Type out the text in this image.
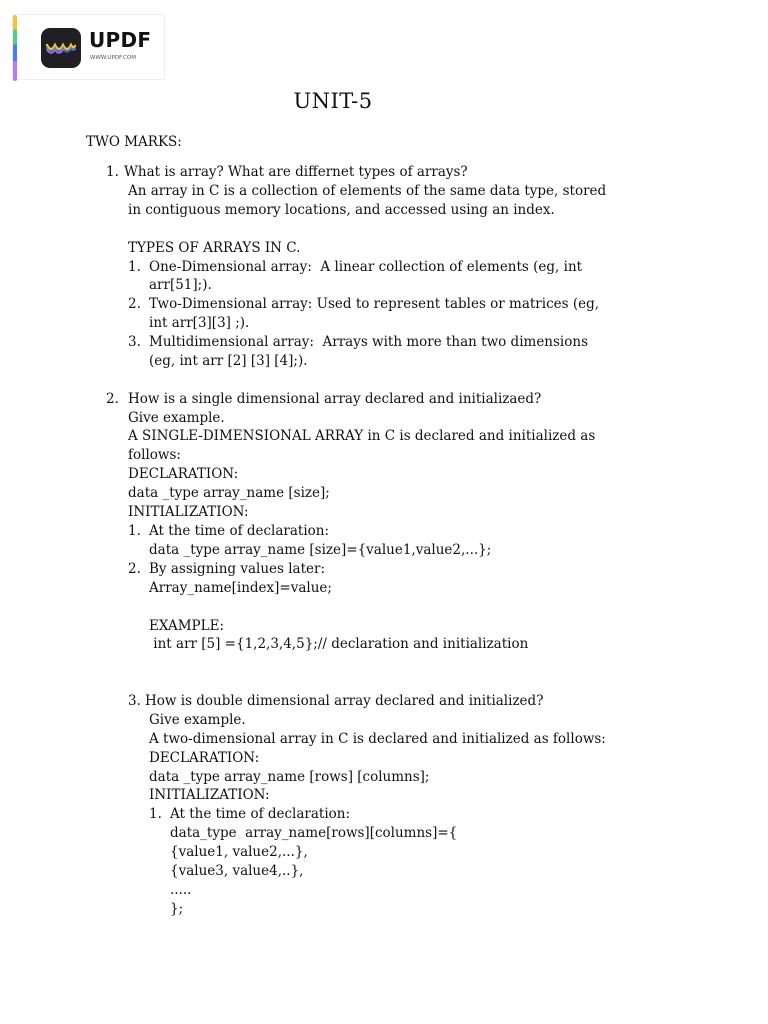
UPDF
WWW.UPDF.COM
UNIT-5
TWO MARKS:
1. What is array? What are differnet types of arrays?
An array in C is a collection of elements of the same data type, stored
in contiguous memory locations, and accessed using an index.
TYPES OF ARRAYS IN C.
1. One-Dimensional array:  A linear collection of elements (eg, int
arr[51];).
2. Two-Dimensional array: Used to represent tables or matrices (eg,
int arr[3][3] ;).
3. Multidimensional array:  Arrays with more than two dimensions
(eg, int arr [2] [3] [4];).
2. How is a single dimensional array declared and initializaed?
Give example.
A SINGLE-DIMENSIONAL ARRAY in C is declared and initialized as
follows:
DECLARATION:
data _type array_name [size];
INITIALIZATION:
1. At the time of declaration:
data _type array_name [size]={value1,value2,...};
2. By assigning values later:
Array_name[index]=value;
EXAMPLE:
int arr [5] ={1,2,3,4,5};// declaration and initialization
3. How is double dimensional array declared and initialized?
Give example.
A two-dimensional array in C is declared and initialized as follows:
DECLARATION:
data _type array_name [rows] [columns];
INITIALIZATION:
1. At the time of declaration:
data_type  array_name[rows][columns]={
{value1, value2,...},
{value3, value4,..},
.....
};
